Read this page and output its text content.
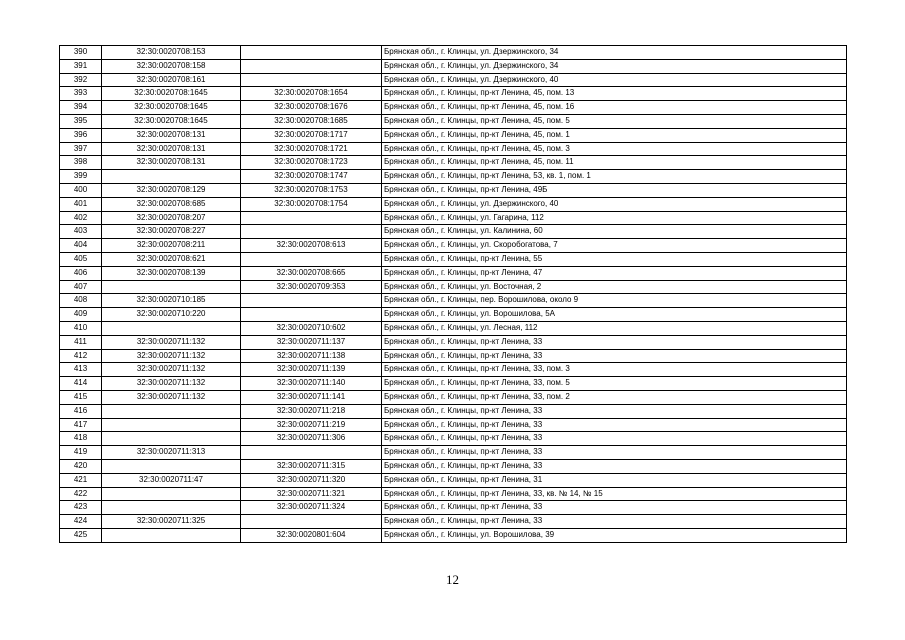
390	32:30:0020708:153		Брянская обл., г. Клинцы, ул. Дзержинского, 34
391	32:30:0020708:158		Брянская обл., г. Клинцы, ул. Дзержинского, 34
392	32:30:0020708:161		Брянская обл., г. Клинцы, ул. Дзержинского, 40
393	32:30:0020708:1645	32:30:0020708:1654	Брянская обл., г. Клинцы, пр-кт Ленина, 45, пом. 13
394	32:30:0020708:1645	32:30:0020708:1676	Брянская обл., г. Клинцы, пр-кт Ленина, 45, пом. 16
395	32:30:0020708:1645	32:30:0020708:1685	Брянская обл., г. Клинцы, пр-кт Ленина, 45, пом. 5
396	32:30:0020708:131	32:30:0020708:1717	Брянская обл., г. Клинцы, пр-кт Ленина, 45, пом. 1
397	32:30:0020708:131	32:30:0020708:1721	Брянская обл., г. Клинцы, пр-кт Ленина, 45, пом. 3
398	32:30:0020708:131	32:30:0020708:1723	Брянская обл., г. Клинцы, пр-кт Ленина, 45, пом. 11
399		32:30:0020708:1747	Брянская обл., г. Клинцы, пр-кт Ленина, 53, кв. 1, пом. 1
400	32:30:0020708:129	32:30:0020708:1753	Брянская обл., г. Клинцы, пр-кт Ленина, 49Б
401	32:30:0020708:685	32:30:0020708:1754	Брянская обл., г. Клинцы, ул. Дзержинского, 40
402	32:30:0020708:207		Брянская обл., г. Клинцы, ул. Гагарина, 112
403	32:30:0020708:227		Брянская обл., г. Клинцы, ул. Калинина, 60
404	32:30:0020708:211	32:30:0020708:613	Брянская обл., г. Клинцы, ул. Скоробогатова, 7
405	32:30:0020708:621		Брянская обл., г. Клинцы, пр-кт Ленина, 55
406	32:30:0020708:139	32:30:0020708:665	Брянская обл., г. Клинцы, пр-кт Ленина, 47
407		32:30:0020709:353	Брянская обл., г. Клинцы, ул. Восточная, 2
408	32:30:0020710:185		Брянская обл., г. Клинцы, пер. Ворошилова, около 9
409	32:30:0020710:220		Брянская обл., г. Клинцы, ул. Ворошилова, 5А
410		32:30:0020710:602	Брянская обл., г. Клинцы, ул. Лесная, 112
411	32:30:0020711:132	32:30:0020711:137	Брянская обл., г. Клинцы, пр-кт Ленина, 33
412	32:30:0020711:132	32:30:0020711:138	Брянская обл., г. Клинцы, пр-кт Ленина, 33
413	32:30:0020711:132	32:30:0020711:139	Брянская обл., г. Клинцы, пр-кт Ленина, 33, пом. 3
414	32:30:0020711:132	32:30:0020711:140	Брянская обл., г. Клинцы, пр-кт Ленина, 33, пом. 5
415	32:30:0020711:132	32:30:0020711:141	Брянская обл., г. Клинцы, пр-кт Ленина, 33, пом. 2
416		32:30:0020711:218	Брянская обл., г. Клинцы, пр-кт Ленина, 33
417		32:30:0020711:219	Брянская обл., г. Клинцы, пр-кт Ленина, 33
418		32:30:0020711:306	Брянская обл., г. Клинцы, пр-кт Ленина, 33
419	32:30:0020711:313		Брянская обл., г. Клинцы, пр-кт Ленина, 33
420		32:30:0020711:315	Брянская обл., г. Клинцы, пр-кт Ленина, 33
421	32:30:0020711:47	32:30:0020711:320	Брянская обл., г. Клинцы, пр-кт Ленина, 31
422		32:30:0020711:321	Брянская обл., г. Клинцы, пр-кт Ленина, 33, кв. № 14, № 15
423		32:30:0020711:324	Брянская обл., г. Клинцы, пр-кт Ленина, 33
424	32:30:0020711:325		Брянская обл., г. Клинцы, пр-кт Ленина, 33
425		32:30:0020801:604	Брянская обл., г. Клинцы, ул. Ворошилова, 39
12
